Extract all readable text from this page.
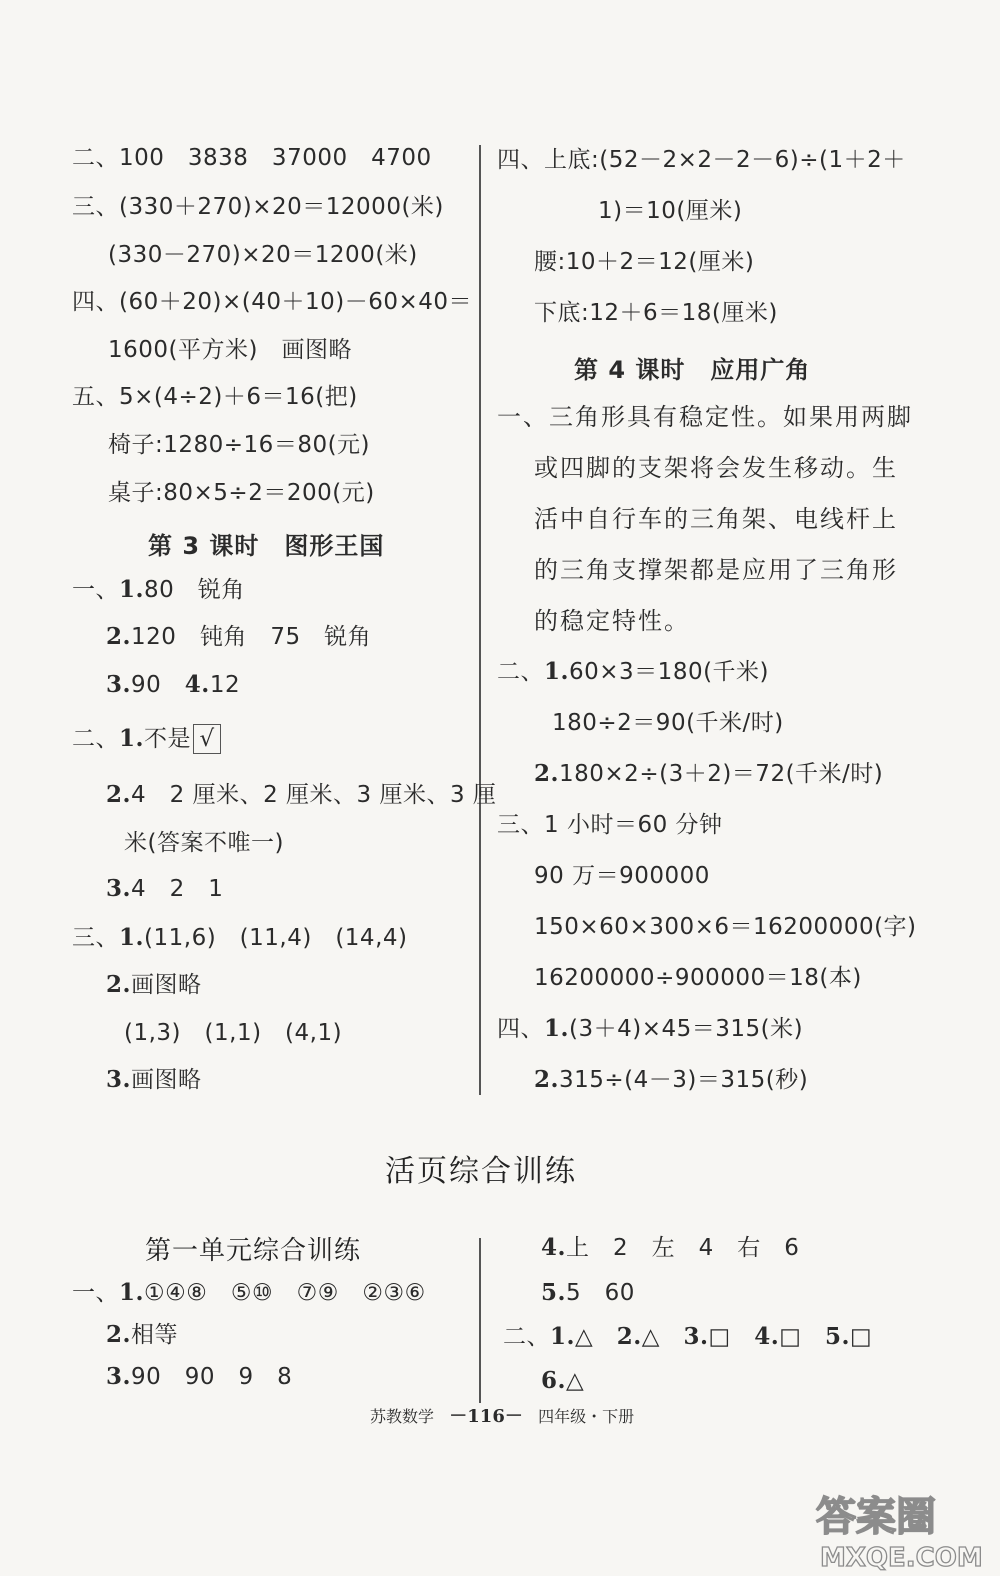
二、100　3838　37000　4700
三、(330＋270)×20＝12000(米)
(330－270)×20＝1200(米)
四、(60＋20)×(40＋10)－60×40＝
1600(平方米)　画图略
五、5×(4÷2)＋6＝16(把)
椅子:1280÷16＝80(元)
桌子:80×5÷2＝200(元)
第 3 课时　图形王国
一、1.80　锐角
2.120　钝角　75　锐角
3.90　4.12
二、1.不是 √
2.4　2 厘米、2 厘米、3 厘米、3 厘
米(答案不唯一)
3.4　2　1
三、1.(11,6)　(11,4)　(14,4)
2.画图略
(1,3)　(1,1)　(4,1)
3.画图略
四、上底:(52－2×2－2－6)÷(1＋2＋
1)＝10(厘米)
腰:10＋2＝12(厘米)
下底:12＋6＝18(厘米)
第 4 课时　应用广角
一、三角形具有稳定性。如果用两脚
或四脚的支架将会发生移动。生
活中自行车的三角架、电线杆上
的三角支撑架都是应用了三角形
的稳定特性。
二、1.60×3＝180(千米)
180÷2＝90(千米/时)
2.180×2÷(3＋2)＝72(千米/时)
三、1 小时＝60 分钟
90 万＝900000
150×60×300×6＝16200000(字)
16200000÷900000＝18(本)
四、1.(3＋4)×45＝315(米)
2.315÷(4－3)＝315(秒)
活页综合训练
第一单元综合训练
一、1.①④⑧　⑤⑩　⑦⑨　②③⑥
2.相等
3.90　90　9　8
4.上　2　左　4　右　6
5.5　60
二、1.△　2.△　3.□　4.□　5.□
6.△
苏教数学 －116－ 四年级・下册
答案圈
MXQE.COM
